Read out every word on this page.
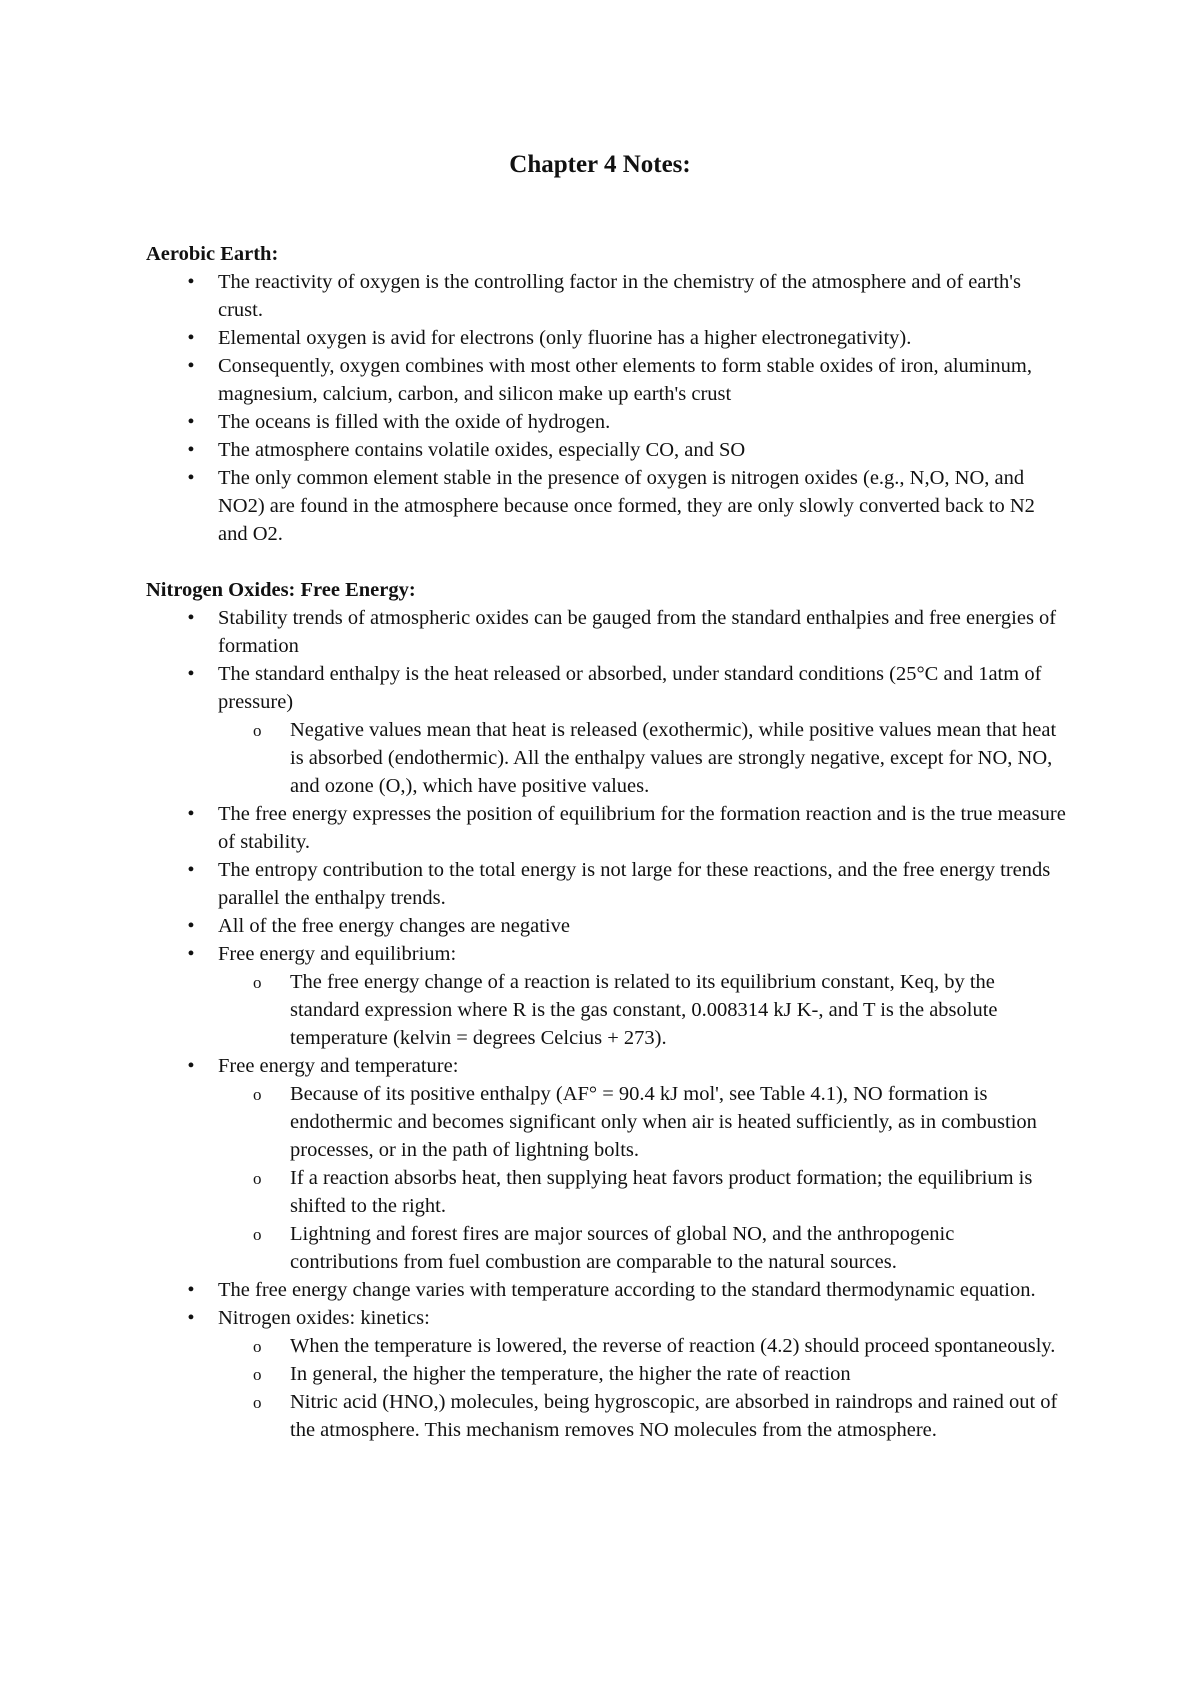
Chapter 4 Notes:

Aerobic Earth:

• The reactivity of oxygen is the controlling factor in the chemistry of the atmosphere and of earth's crust.
• Elemental oxygen is avid for electrons (only fluorine has a higher electronegativity).
• Consequently, oxygen combines with most other elements to form stable oxides of iron, aluminum, magnesium, calcium, carbon, and silicon make up earth's crust
• The oceans is filled with the oxide of hydrogen.
• The atmosphere contains volatile oxides, especially CO, and SO
• The only common element stable in the presence of oxygen is nitrogen oxides (e.g., N,O, NO, and NO2) are found in the atmosphere because once formed, they are only slowly converted back to N2 and O2.

Nitrogen Oxides: Free Energy:

• Stability trends of atmospheric oxides can be gauged from the standard enthalpies and free energies of formation
• The standard enthalpy is the heat released or absorbed, under standard conditions (25°C and 1atm of pressure)
o Negative values mean that heat is released (exothermic), while positive values mean that heat is absorbed (endothermic). All the enthalpy values are strongly negative, except for NO, NO, and ozone (O,), which have positive values.
• The free energy expresses the position of equilibrium for the formation reaction and is the true measure of stability.
• The entropy contribution to the total energy is not large for these reactions, and the free energy trends parallel the enthalpy trends.
• All of the free energy changes are negative
• Free energy and equilibrium:
o The free energy change of a reaction is related to its equilibrium constant, Keq, by the standard expression where R is the gas constant, 0.008314 kJ K-, and T is the absolute temperature (kelvin = degrees Celcius + 273).
• Free energy and temperature:
o Because of its positive enthalpy (AF° = 90.4 kJ mol', see Table 4.1), NO formation is endothermic and becomes significant only when air is heated sufficiently, as in combustion processes, or in the path of lightning bolts.
o If a reaction absorbs heat, then supplying heat favors product formation; the equilibrium is shifted to the right.
o Lightning and forest fires are major sources of global NO, and the anthropogenic contributions from fuel combustion are comparable to the natural sources.
• The free energy change varies with temperature according to the standard thermodynamic equation.
• Nitrogen oxides: kinetics:
o When the temperature is lowered, the reverse of reaction (4.2) should proceed spontaneously.
o In general, the higher the temperature, the higher the rate of reaction
o Nitric acid (HNO,) molecules, being hygroscopic, are absorbed in raindrops and rained out of the atmosphere. This mechanism removes NO molecules from the atmosphere.
